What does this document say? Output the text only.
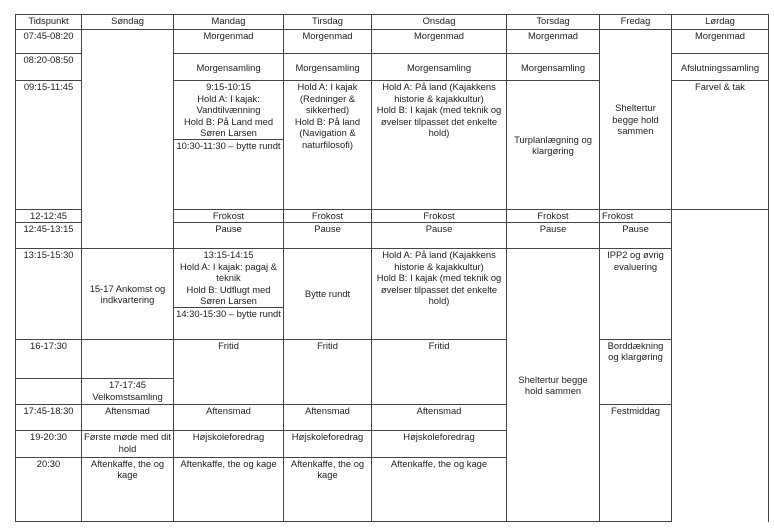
Tidspunkt	Søndag	Mandag	Tirsdag	Onsdag	Torsdag	Fredag	Lørdag
07:45-08:20		Morgenmad	Morgenmad	Morgenmad	Morgenmad	Sheltertur begge hold sammen	Morgenmad
08:20-08:50		Morgensamling	Morgensamling	Morgensamling	Morgensamling		Afslutningssamling
09:15-11:45		9:15-10:15
Hold A: I kajak: Vandtilvænning
Hold B: På Land med Søren Larsen
10:30-11:30 – bytte rundt	Hold A: I kajak (Redninger & sikkerhed)
Hold B: På land (Navigation & naturfilosofi)	Hold A: På land (Kajakkens historie & kajakkultur)
Hold B: I kajak (med teknik og øvelser tilpasset det enkelte hold)	Turplanlægning og klargøring		Farvel & tak
12-12:45		Frokost	Frokost	Frokost	Frokost	Frokost	
12:45-13:15		Pause	Pause	Pause	Pause	Pause	
13:15-15:30	15-17 Ankomst og indkvartering	13:15-14:15
Hold A: I kajak: pagaj & teknik
Hold B: Udflugt med Søren Larsen
14:30-15:30 – bytte rundt	Bytte rundt	Hold A: På land (Kajakkens historie & kajakkultur)
Hold B: I kajak (med teknik og øvelser tilpasset det enkelte hold)	Sheltertur begge hold sammen	IPP2 og øvrig evaluering	
16-17:30		Fritid	Fritid	Fritid		Borddækning og klargøring	
	17-17:45 Velkomstsamling						
17:45-18:30	Aftensmad	Aftensmad	Aftensmad	Aftensmad		Festmiddag	
19-20:30	Første møde med dit hold	Højskoleforedrag	Højskoleforedrag	Højskoleforedrag			
20:30	Aftenkaffe, the og kage	Aftenkaffe, the og kage	Aftenkaffe, the og kage	Aftenkaffe, the og kage			
